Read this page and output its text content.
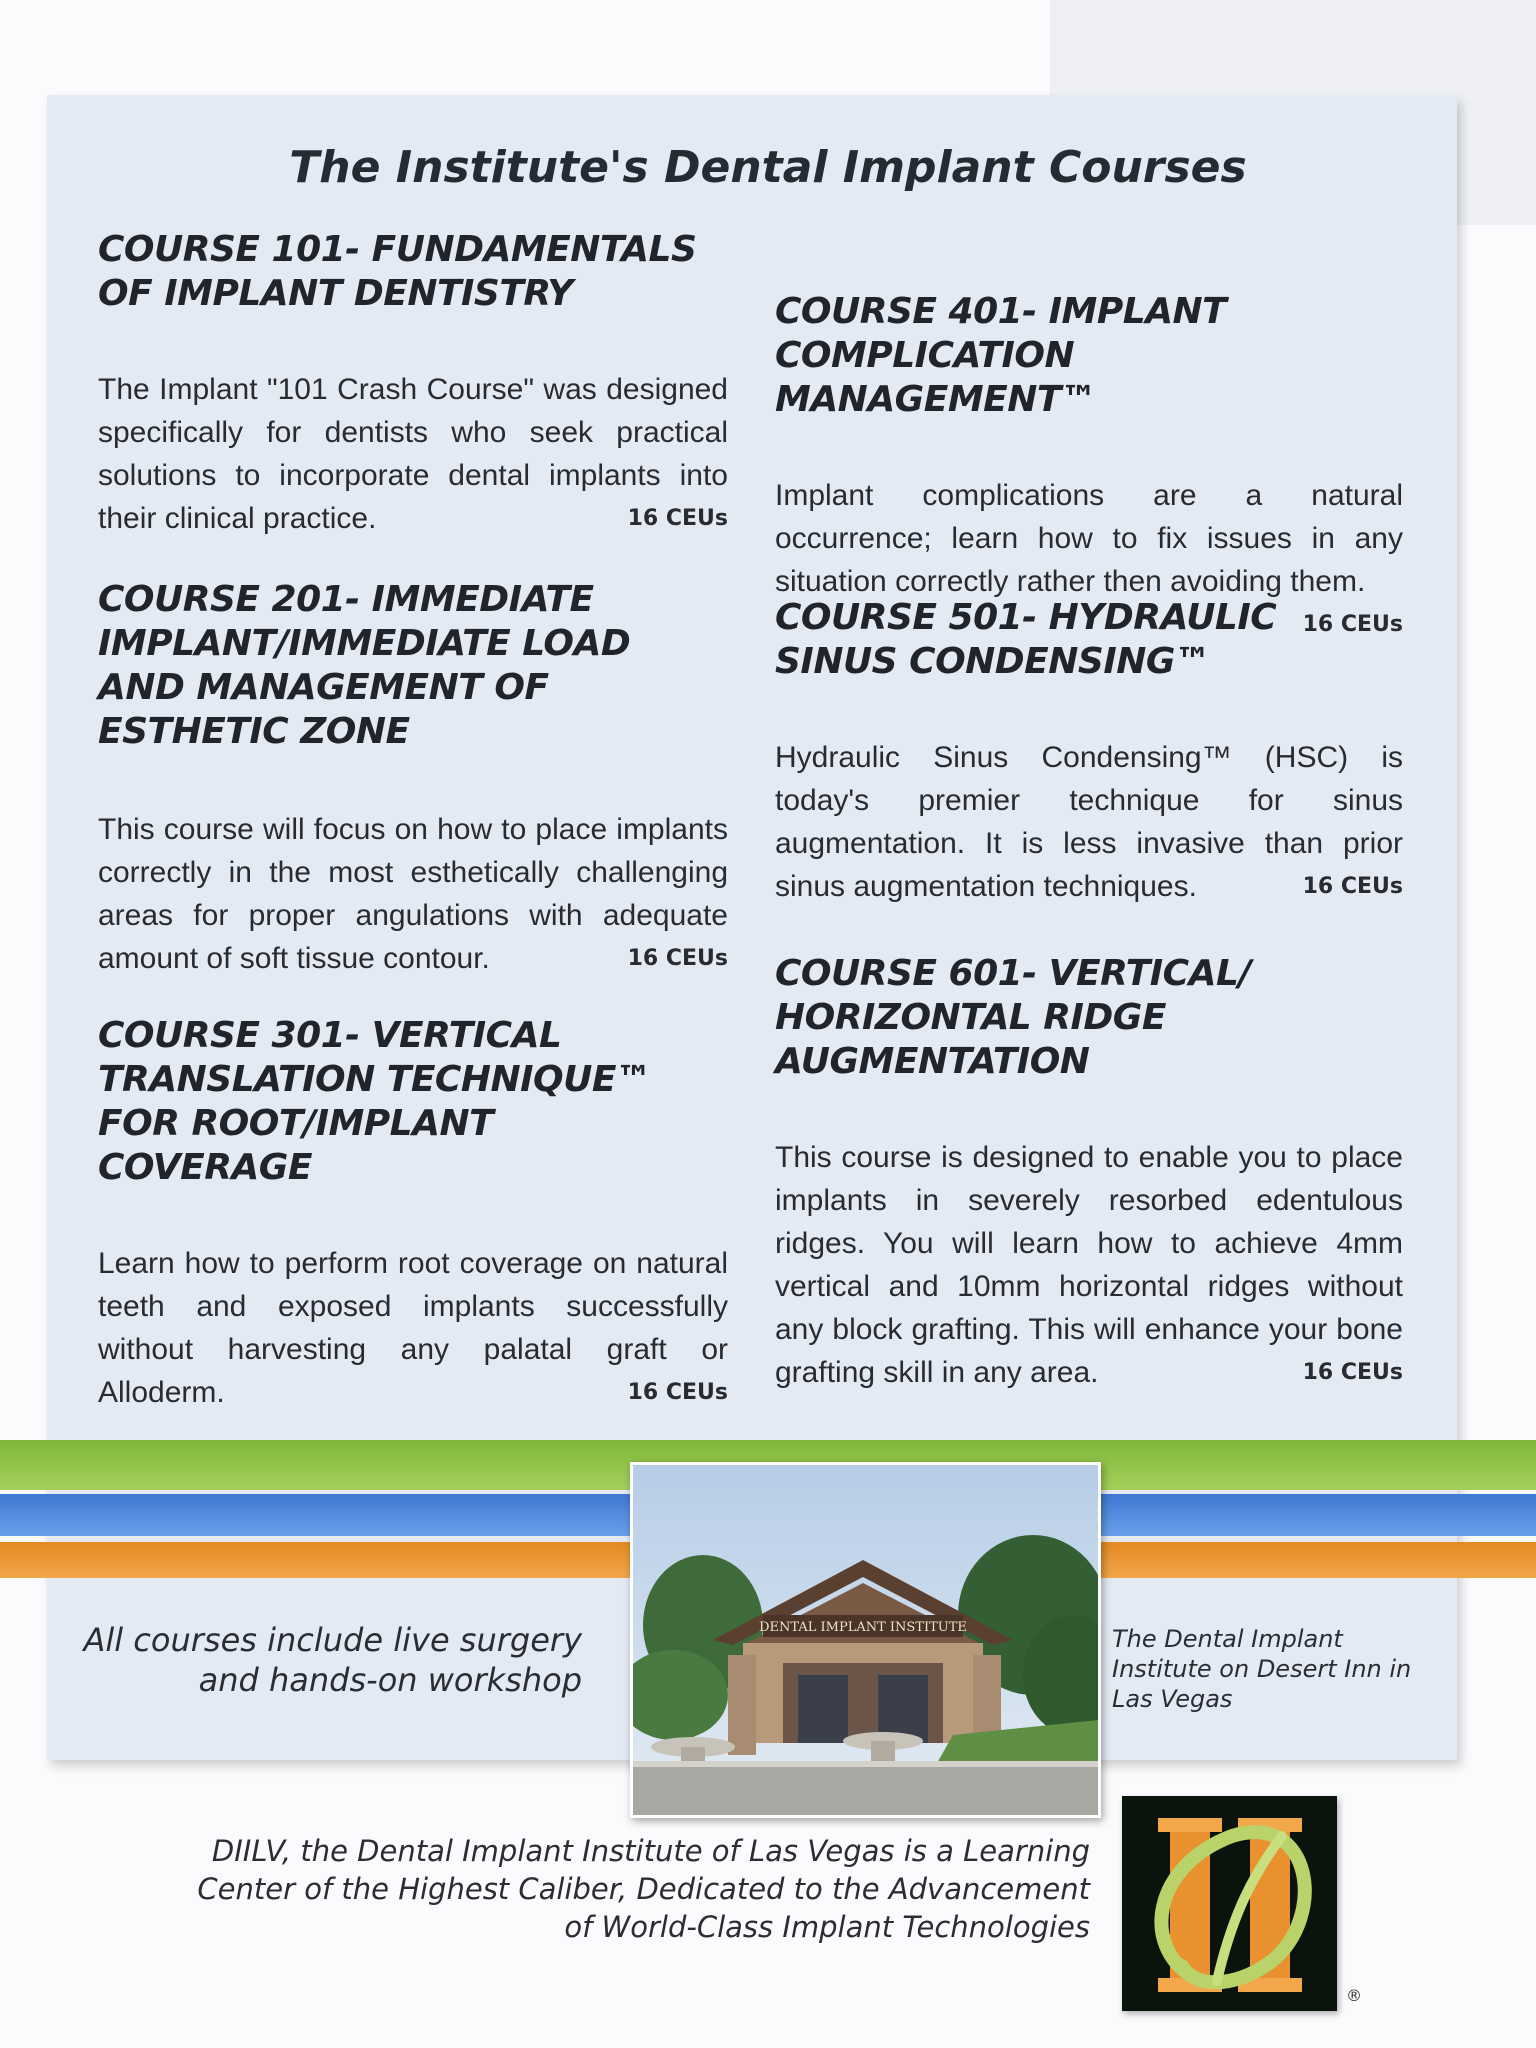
The Institute's Dental Implant Courses
COURSE 101- FUNDAMENTALS OF IMPLANT DENTISTRY

The Implant "101 Crash Course" was designed specifically for dentists who seek practical solutions to incorporate dental implants into their clinical practice.	16 CEUs

COURSE 201- IMMEDIATE IMPLANT/IMMEDIATE LOAD AND MANAGEMENT OF ESTHETIC ZONE

This course will focus on how to place implants correctly in the most esthetically challenging areas for proper angulations with adequate amount of soft tissue contour.	16 CEUs

COURSE 301- VERTICAL TRANSLATION TECHNIQUE™ FOR ROOT/IMPLANT COVERAGE

Learn how to perform root coverage on natural teeth and exposed implants successfully without harvesting any palatal graft or Alloderm.	16 CEUs

COURSE 401- IMPLANT COMPLICATION MANAGEMENT™

Implant complications are a natural occurrence; learn how to fix issues in any situation correctly rather then avoiding them.
16 CEUs

COURSE 501- HYDRAULIC SINUS CONDENSING™

Hydraulic Sinus Condensing™ (HSC) is today's premier technique for sinus augmentation. It is less invasive than prior sinus augmentation techniques.	16 CEUs

COURSE 601- VERTICAL/ HORIZONTAL RIDGE AUGMENTATION

This course is designed to enable you to place implants in severely resorbed edentulous ridges. You will learn how to achieve 4mm vertical and 10mm horizontal ridges without any block grafting. This will enhance your bone grafting skill in any area.	16 CEUs

DENTAL IMPLANT INSTITUTE

All courses include live surgery and hands-on workshop

The Dental Implant Institute on Desert Inn in Las Vegas

DIILV, the Dental Implant Institute of Las Vegas is a Learning Center of the Highest Caliber, Dedicated to the Advancement of World-Class Implant Technologies

®
